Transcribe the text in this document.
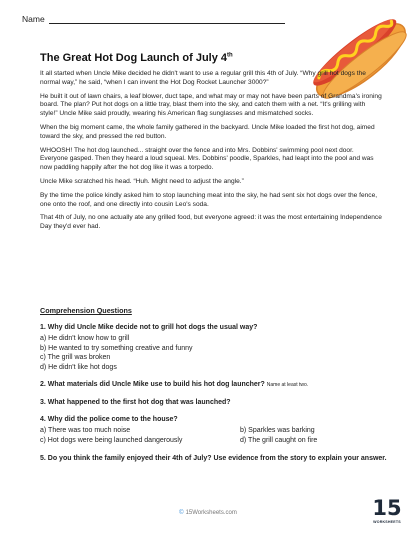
Name
The Great Hot Dog Launch of July 4th

It all started when Uncle Mike decided he didn't want to use a regular grill this 4th of July. “Why grill hot dogs the normal way,” he said, “when I can invent the Hot Dog Rocket Launcher 3000?”

He built it out of lawn chairs, a leaf blower, duct tape, and what may or may not have been parts of Grandma's ironing board. The plan? Put hot dogs on a little tray, blast them into the sky, and catch them with a net. “It's grilling with style!” Uncle Mike said proudly, wearing his American flag sunglasses and mismatched socks.

When the big moment came, the whole family gathered in the backyard. Uncle Mike loaded the first hot dog, aimed toward the sky, and pressed the red button.

WHOOSH! The hot dog launched... straight over the fence and into Mrs. Dobbins' swimming pool next door. Everyone gasped. Then they heard a loud squeal. Mrs. Dobbins' poodle, Sparkles, had leapt into the pool and was now paddling happily after the hot dog like it was a torpedo.

Uncle Mike scratched his head. “Huh. Might need to adjust the angle.”

By the time the police kindly asked him to stop launching meat into the sky, he had sent six hot dogs over the fence, one onto the roof, and one directly into cousin Leo's soda.

That 4th of July, no one actually ate any grilled food, but everyone agreed: it was the most entertaining Independence Day they'd ever had.

Comprehension Questions
1. Why did Uncle Mike decide not to grill hot dogs the usual way?
a) He didn't know how to grill
b) He wanted to try something creative and funny
c) The grill was broken
d) He didn't like hot dogs
2. What materials did Uncle Mike use to build his hot dog launcher? Name at least two.
3. What happened to the first hot dog that was launched?
4. Why did the police come to the house?
a) There was too much noise	b) Sparkles was barking
c) Hot dogs were being launched dangerously	d) The grill caught on fire
5. Do you think the family enjoyed their 4th of July? Use evidence from the story to explain your answer.
© 15Worksheets.com	15
WORKSHEETS
